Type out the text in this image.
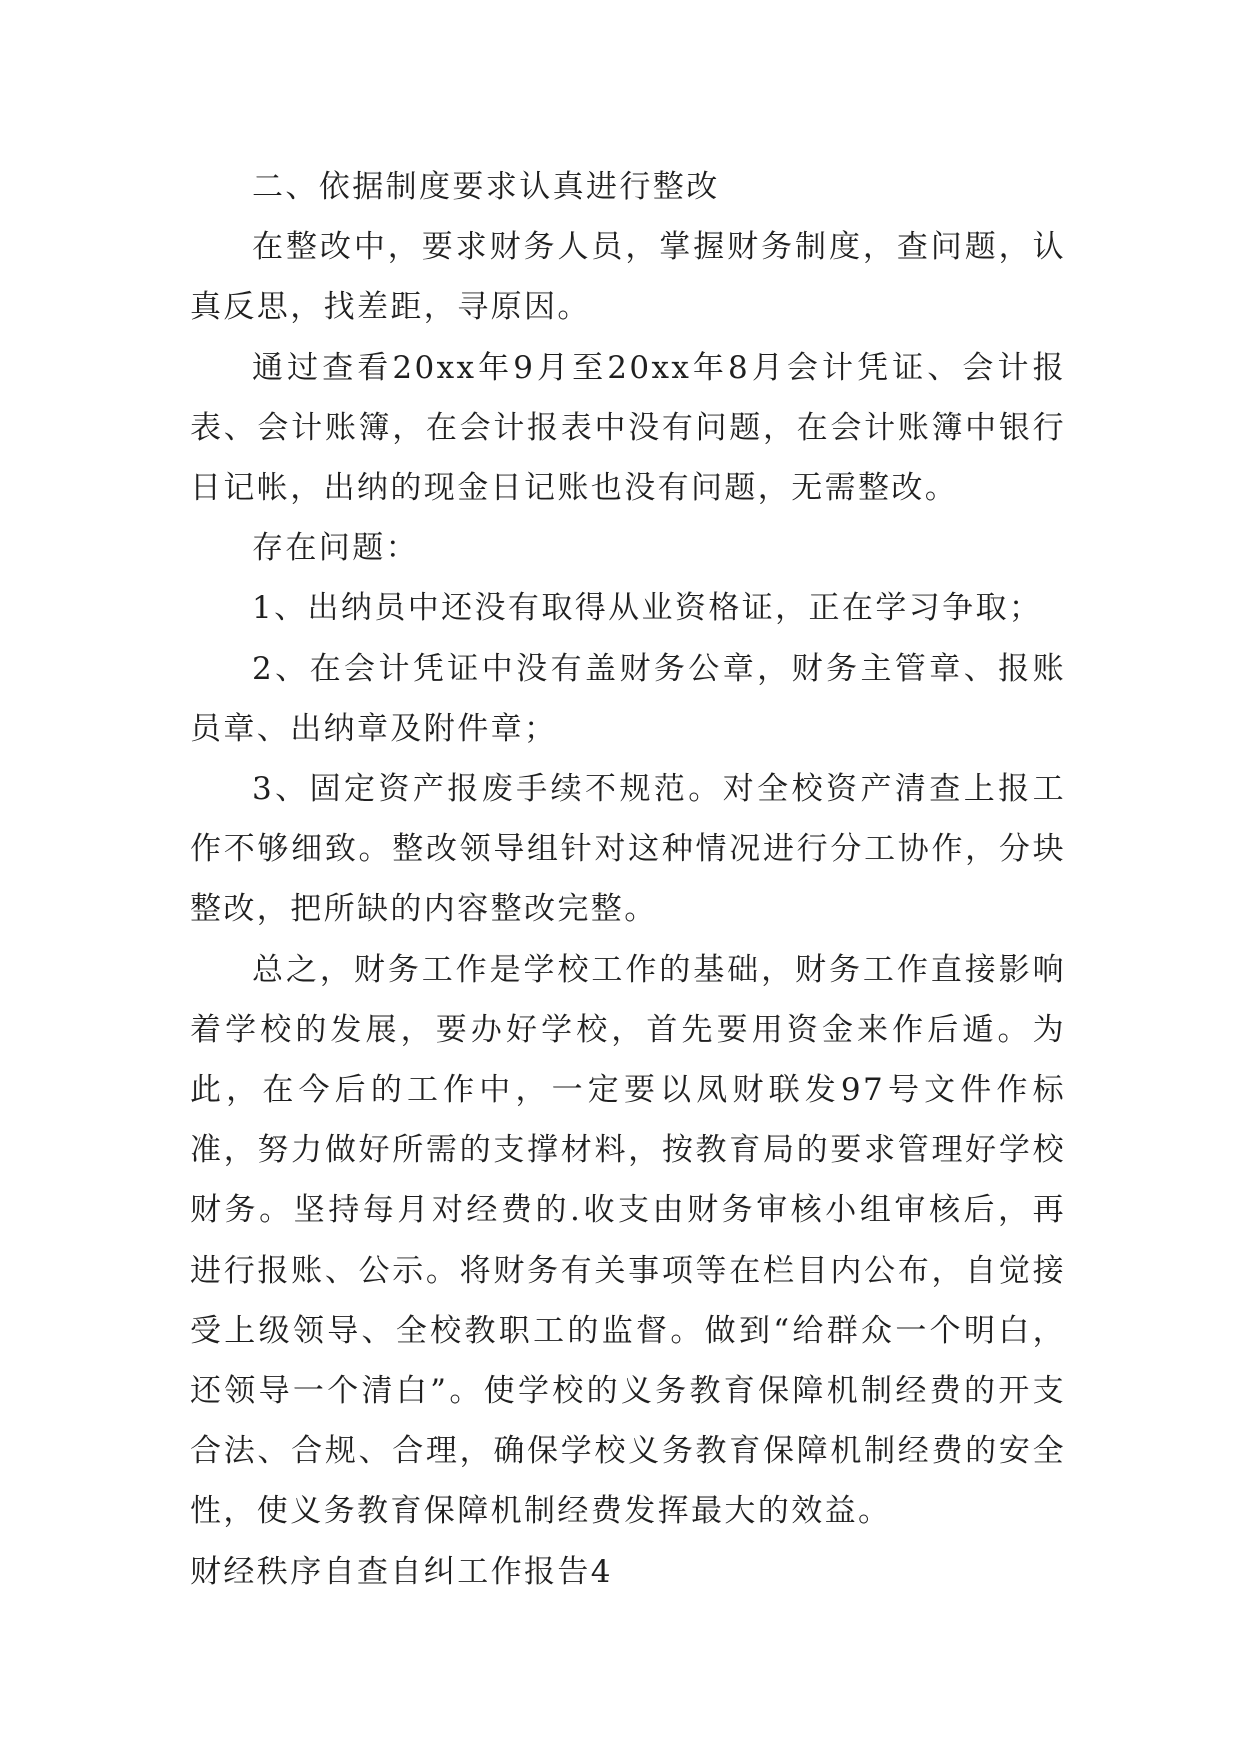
二、依据制度要求认真进行整改

在整改中，要求财务人员，掌握财务制度，查问题，认真反思，找差距，寻原因。

通过查看20xx年9月至20xx年8月会计凭证、会计报表、会计账簿，在会计报表中没有问题，在会计账簿中银行日记帐，出纳的现金日记账也没有问题，无需整改。

存在问题：

1、出纳员中还没有取得从业资格证，正在学习争取；

2、在会计凭证中没有盖财务公章，财务主管章、报账员章、出纳章及附件章；

3、固定资产报废手续不规范。对全校资产清查上报工作不够细致。整改领导组针对这种情况进行分工协作，分块整改，把所缺的内容整改完整。

总之，财务工作是学校工作的基础，财务工作直接影响着学校的发展，要办好学校，首先要用资金来作后遁。为此，在今后的工作中，一定要以凤财联发97号文件作标准，努力做好所需的支撑材料，按教育局的要求管理好学校财务。坚持每月对经费的.收支由财务审核小组审核后，再进行报账、公示。将财务有关事项等在栏目内公布，自觉接受上级领导、全校教职工的监督。做到“给群众一个明白，还领导一个清白”。使学校的义务教育保障机制经费的开支合法、合规、合理，确保学校义务教育保障机制经费的安全性，使义务教育保障机制经费发挥最大的效益。

财经秩序自查自纠工作报告4
